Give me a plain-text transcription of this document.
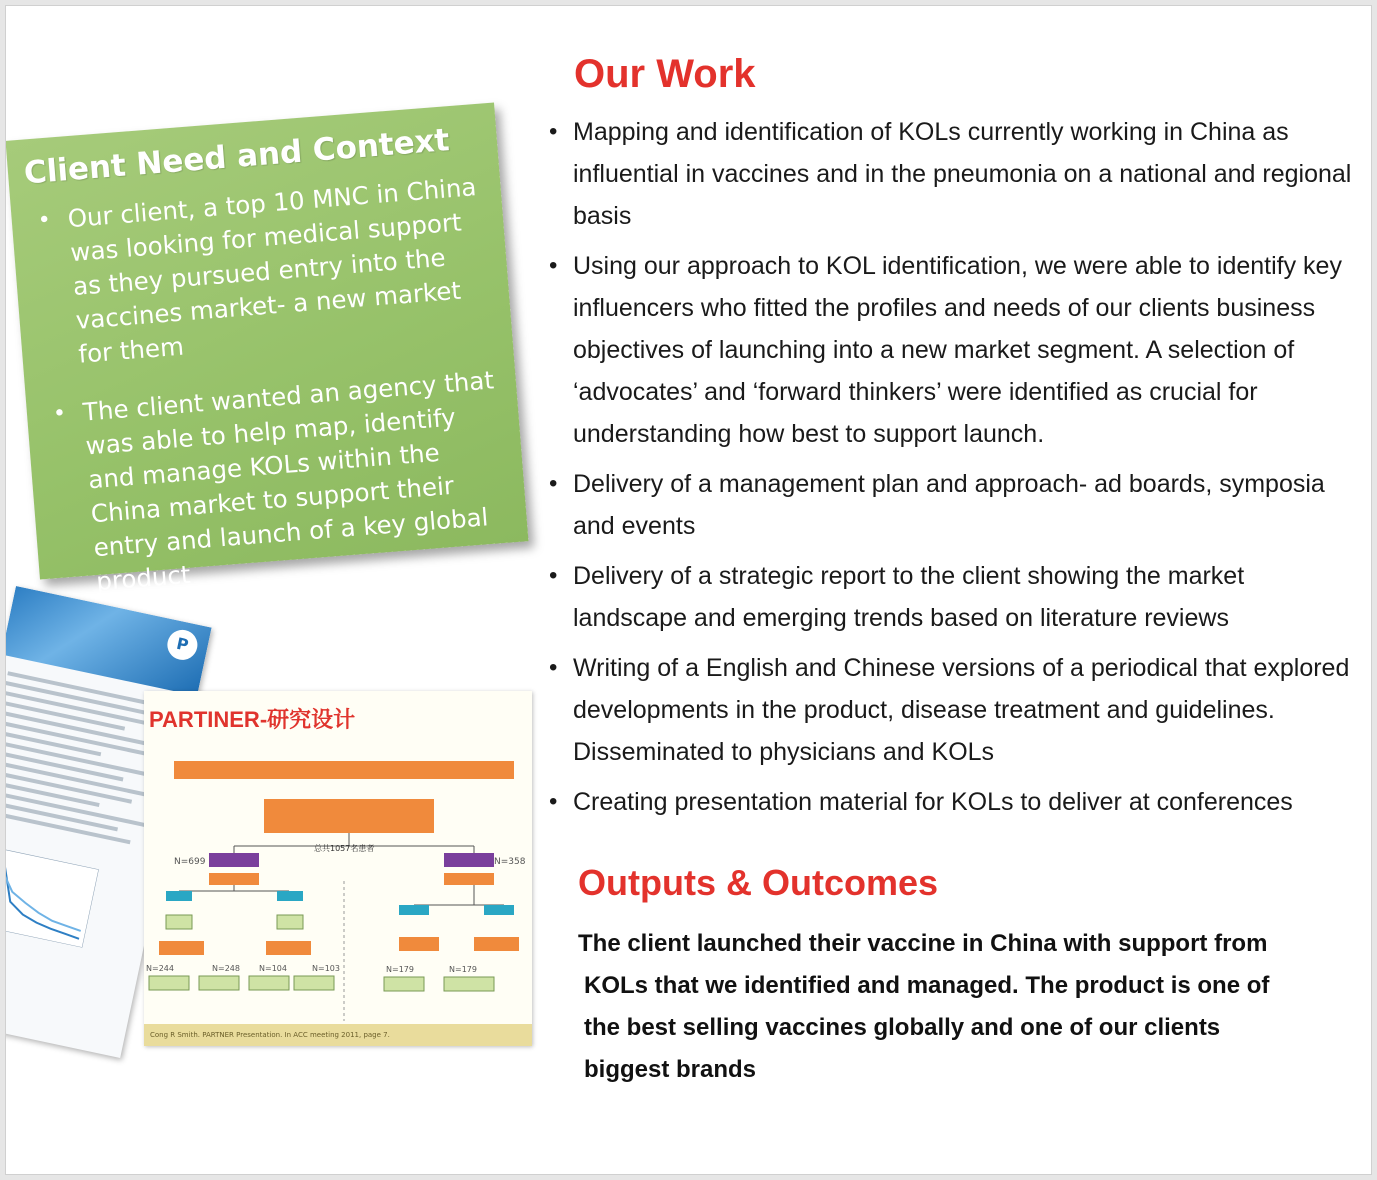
P
PARTINER-研究设计
N=699	N=358
总共1057名患者
N=244	N=248 N=104	N=103	N=179	N=179
Cong R Smith. PARTNER Presentation. In ACC meeting 2011, page 7.
Client Need and Context
• Our client, a top 10 MNC in China was looking for medical support as they pursued entry into the vaccines market- a new market for them
• The client wanted an agency that was able to help map, identify and manage KOLs within the China market to support their entry and launch of a key global product
Our Work
• Mapping and identification of KOLs currently working in China as influential in vaccines and in the pneumonia on a national and regional basis
• Using our approach to KOL identification, we were able to identify key influencers who fitted the profiles and needs of our clients business objectives of launching into a new market segment. A selection of ‘advocates’ and ‘forward thinkers’ were identified as crucial for understanding how best to support launch.
• Delivery of a management plan and approach- ad boards, symposia and events
• Delivery of a strategic report to the client showing the market landscape and emerging trends based on literature reviews
• Writing of a English and Chinese versions of a periodical that explored developments in the product, disease treatment and guidelines. Disseminated to physicians and KOLs
• Creating presentation material for KOLs to deliver at conferences
Outputs & Outcomes

The client launched their vaccine in China with support from KOLs that we identified and managed. The product is one of the best selling vaccines globally and one of our clients biggest brands
